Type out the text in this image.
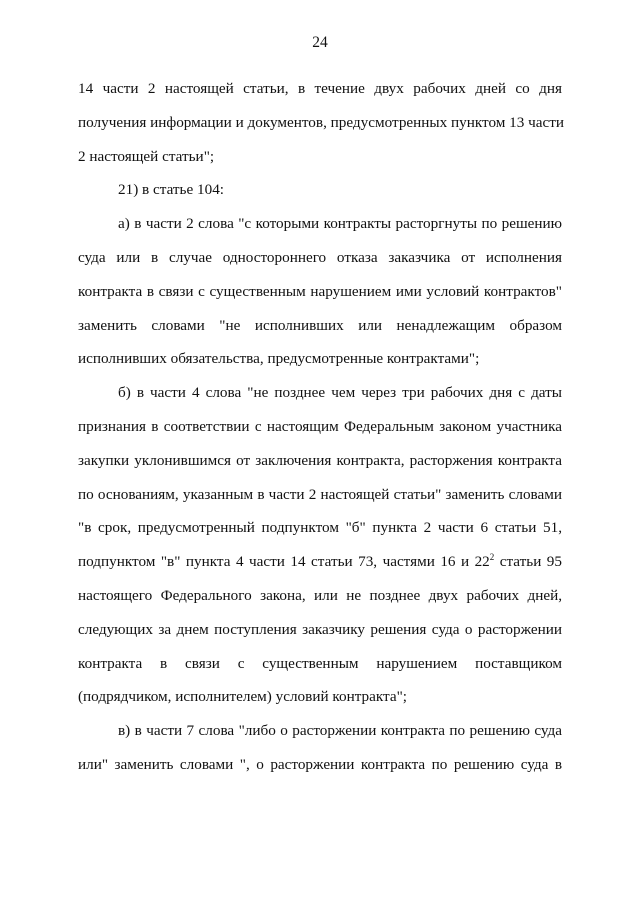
24
14 части 2 настоящей статьи, в течение двух рабочих дней со дня
получения информации и документов, предусмотренных пунктом 13 части
2 настоящей статьи";
21) в статье 104:
а) в части 2 слова "с которыми контракты расторгнуты по решению
суда или в случае одностороннего отказа заказчика от исполнения
контракта в связи с существенным нарушением ими условий контрактов"
заменить словами "не исполнивших или ненадлежащим образом
исполнивших обязательства, предусмотренные контрактами";
б) в части 4 слова "не позднее чем через три рабочих дня с даты
признания в соответствии с настоящим Федеральным законом участника
закупки уклонившимся от заключения контракта, расторжения контракта
по основаниям, указанным в части 2 настоящей статьи" заменить словами
"в срок, предусмотренный подпунктом "б" пункта 2 части 6 статьи 51,
подпунктом "в" пункта 4 части 14 статьи 73, частями 16 и $22^2$ статьи 95
настоящего Федерального закона, или не позднее двух рабочих дней,
следующих за днем поступления заказчику решения суда о расторжении
контракта в связи с существенным нарушением поставщиком
(подрядчиком, исполнителем) условий контракта";
в) в части 7 слова "либо о расторжении контракта по решению суда
или" заменить словами ", о расторжении контракта по решению суда в
